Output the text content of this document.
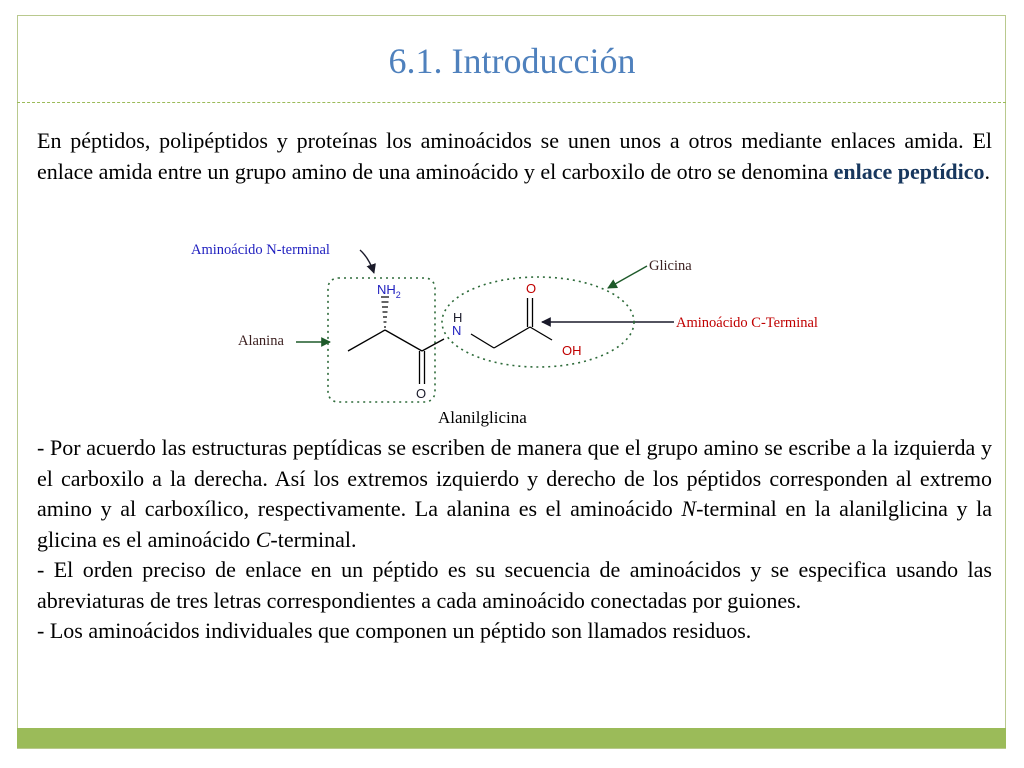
6.1. Introducción
En péptidos, polipéptidos y proteínas los aminoácidos se unen unos a otros mediante enlaces amida. El enlace amida entre un grupo amino de una aminoácido y el carboxilo de otro se denomina enlace peptídico.
Aminoácido N-terminal
Glicina
Alanina
Aminoácido C-Terminal
Alanilglicina
$NH_2$	O
H
N
OH
O

- Por acuerdo las estructuras peptídicas se escriben de manera que el grupo amino se escribe a la izquierda y el carboxilo a la derecha. Así los extremos izquierdo y derecho de los péptidos corresponden al extremo amino y al carboxílico, respectivamente. La alanina es el aminoácido N-terminal en la alanilglicina y la glicina es el aminoácido C-terminal.

- El orden preciso de enlace en un péptido es su secuencia de aminoácidos y se especifica usando las abreviaturas de tres letras correspondientes a cada aminoácido conectadas por guiones.

- Los aminoácidos individuales que componen un péptido son llamados residuos.
